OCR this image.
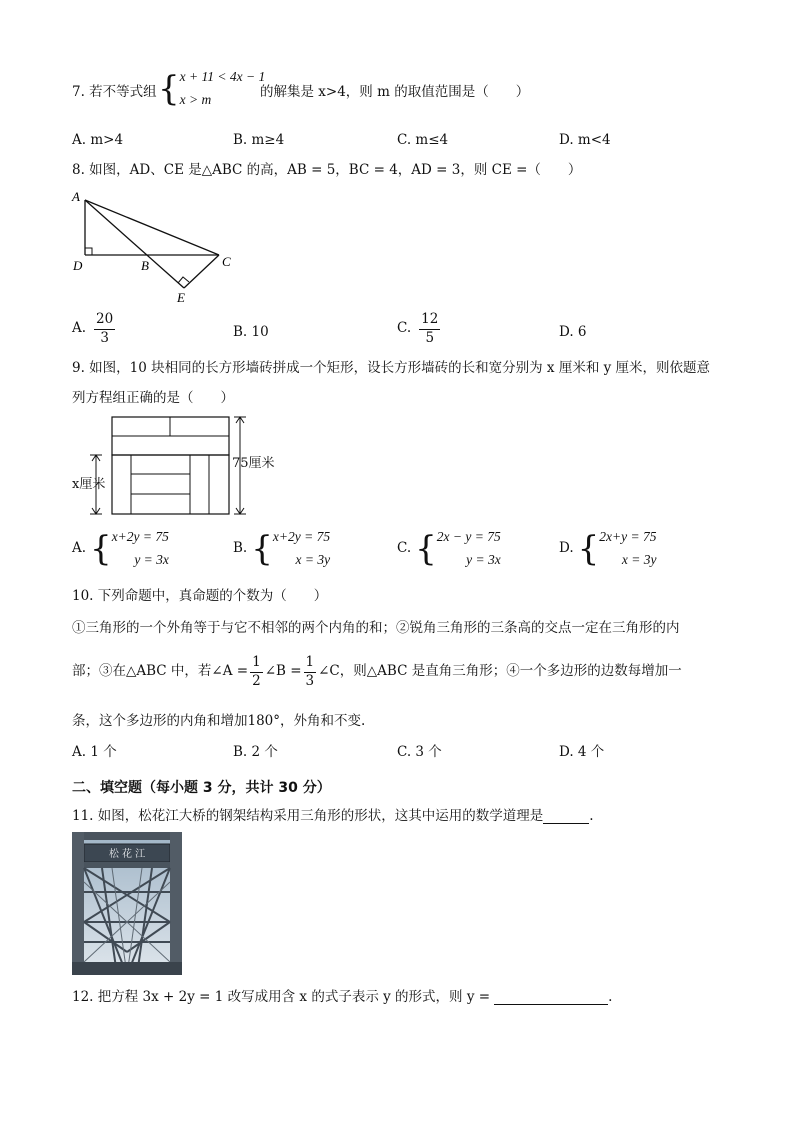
7. 若不等式组 { x + 11 < 4x − 1
x > m	的解集是 x>4，则 m 的取值范围是（　　）
A. m>4	B. m≥4	C. m≤4	D. m<4
8. 如图，AD、CE 是△ABC 的高，AB = 5，BC = 4，AD = 3，则 CE =（　　）
A
D	B	C
E
A. $\frac{20}{3}$	B. 10	C. $\frac{12}{5}$	D. 6
9. 如图，10 块相同的长方形墙砖拼成一个矩形，设长方形墙砖的长和宽分别为 x 厘米和 y 厘米，则依题意
列方程组正确的是（　　）
75厘米
x厘米
A. { x+2y = 75
y = 3x
B. { x+2y = 75
x = 3y
C. { 2x − y = 75
y = 3x
D. { 2x+y = 75
x = 3y
10. 下列命题中，真命题的个数为（　　）
①三角形的一个外角等于与它不相邻的两个内角的和；②锐角三角形的三条高的交点一定在三角形的内
部；③在△ABC 中，若∠A = $\frac{1}{2}$ ∠B = $\frac{1}{3}$ ∠C，则△ABC 是直角三角形；④一个多边形的边数每增加一
条，这个多边形的内角和增加180°，外角和不变.
A. 1 个	B. 2 个	C. 3 个	D. 4 个
二、填空题（每小题 3 分，共计 30 分）
11. 如图，松花江大桥的钢架结构采用三角形的形状，这其中运用的数学道理是	.
松 花 江
12. 把方程 3x + 2y = 1 改写成用含 x 的式子表示 y 的形式，则 y =	.
